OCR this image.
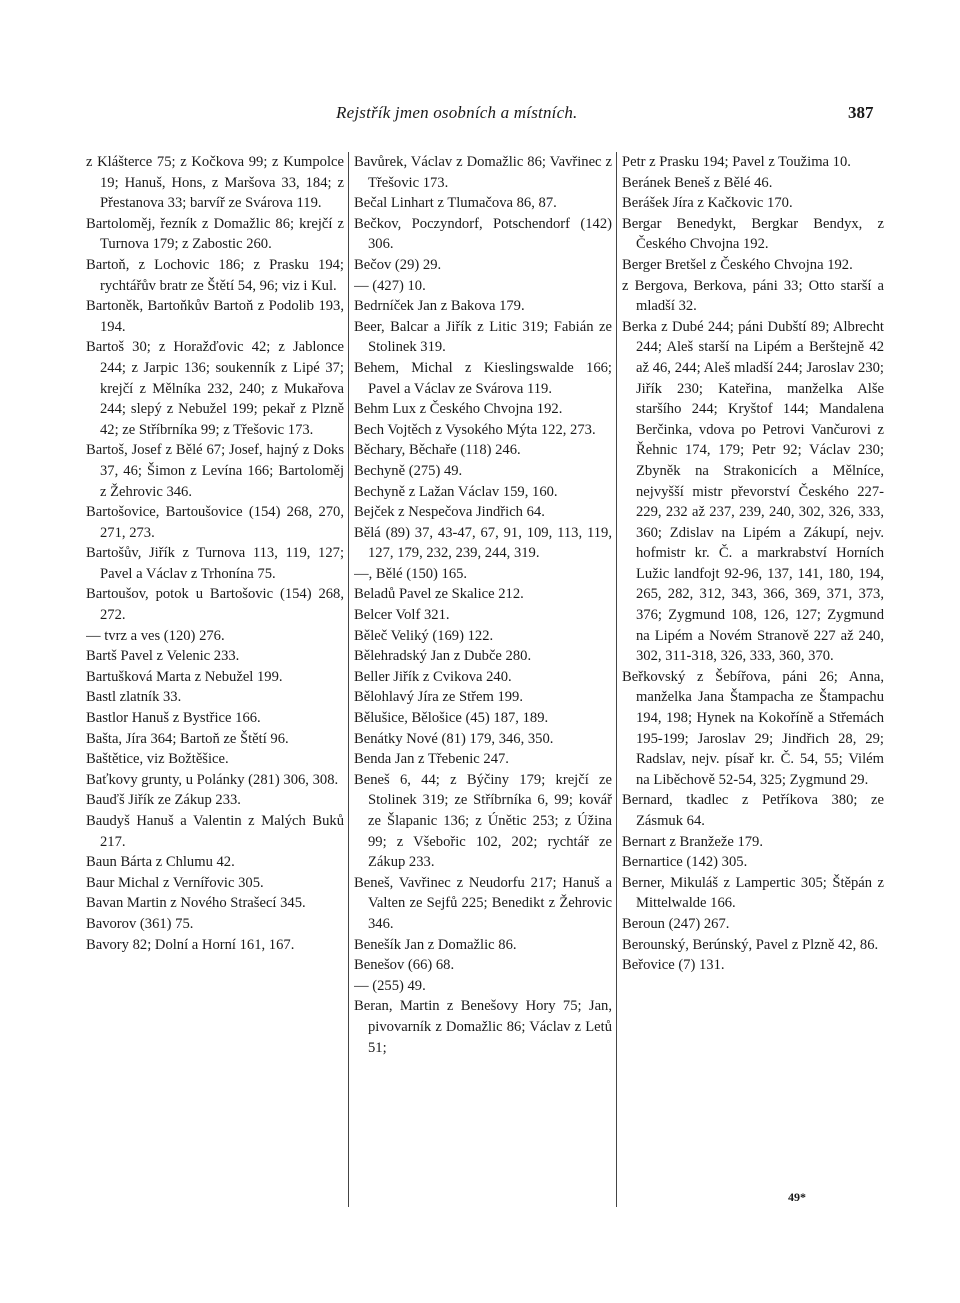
Rejstřík jmen osobních a místních.	387

z Klášterce 75; z Kočkova 99; z Kumpolce 19; Hanuš, Hons, z Maršova 33, 184; z Přestanova 33; barvíř ze Svárova 119.

Bartoloměj, řezník z Domažlic 86; krejčí z Turnova 179; z Zabostic 260.

Bartoň, z Lochovic 186; z Prasku 194; rychtářův bratr ze Štětí 54, 96; viz i Kul.

Bartoněk, Bartoňkův Bartoň z Podolib 193, 194.

Bartoš 30; z Horažďovic 42; z Jablonce 244; z Jarpic 136; soukenník z Lipé 37; krejčí z Mělníka 232, 240; z Mukařova 244; slepý z Nebužel 199; pekař z Plzně 42; ze Stříbrníka 99; z Třešovic 173.

Bartoš, Josef z Bělé 67; Josef, hajný z Doks 37, 46; Šimon z Levína 166; Bartoloměj z Žehrovic 346.

Bartošovice, Bartoušovice (154) 268, 270, 271, 273.

Bartošův, Jiřík z Turnova 113, 119, 127; Pavel a Václav z Trhonína 75.

Bartoušov, potok u Bartošovic (154) 268, 272.

— tvrz a ves (120) 276.

Bartš Pavel z Velenic 233.

Bartušková Marta z Nebužel 199.

Bastl zlatník 33.

Bastlor Hanuš z Bystřice 166.

Bašta, Jíra 364; Bartoň ze Štětí 96.

Baštětice, viz Božtěšice.

Baťkovy grunty, u Polánky (281) 306, 308.

Bauďš Jiřík ze Zákup 233.

Baudyš Hanuš a Valentin z Malých Buků 217.

Baun Bárta z Chlumu 42.

Baur Michal z Vernířovic 305.

Bavan Martin z Nového Strašecí 345.

Bavorov (361) 75.

Bavory 82; Dolní a Horní 161, 167.

Bavůrek, Václav z Domažlic 86; Vavřinec z Třešovic 173.

Bečal Linhart z Tlumačova 86, 87.

Bečkov, Poczyndorf, Potschendorf (142) 306.

Bečov (29) 29.

— (427) 10.

Bedrníček Jan z Bakova 179.

Beer, Balcar a Jiřík z Litic 319; Fabián ze Stolinek 319.

Behem, Michal z Kieslingswalde 166; Pavel a Václav ze Svárova 119.

Behm Lux z Českého Chvojna 192.

Bech Vojtěch z Vysokého Mýta 122, 273.

Běchary, Běchaře (118) 246.

Bechyně (275) 49.

Bechyně z Lažan Václav 159, 160.

Bejček z Nespečova Jindřich 64.

Bělá (89) 37, 43-47, 67, 91, 109, 113, 119, 127, 179, 232, 239, 244, 319.

—, Bělé (150) 165.

Beladů Pavel ze Skalice 212.

Belcer Volf 321.

Běleč Veliký (169) 122.

Bělehradský Jan z Dubče 280.

Beller Jiřík z Cvikova 240.

Bělohlavý Jíra ze Střem 199.

Bělušice, Bělošice (45) 187, 189.

Benátky Nové (81) 179, 346, 350.

Benda Jan z Třebenic 247.

Beneš 6, 44; z Býčiny 179; krejčí ze Stolinek 319; ze Stříbrníka 6, 99; kovář ze Šlapanic 136; z Únětic 253; z Úžina 99; z Všebořic 102, 202; rychtář ze Zákup 233.

Beneš, Vavřinec z Neudorfu 217; Hanuš a Valten ze Sejfů 225; Benedikt z Žehrovic 346.

Benešík Jan z Domažlic 86.

Benešov (66) 68.

— (255) 49.

Beran, Martin z Benešovy Hory 75; Jan, pivovarník z Domažlic 86; Václav z Letů 51;

Petr z Prasku 194; Pavel z Toužima 10.

Beránek Beneš z Bělé 46.

Berášek Jíra z Kačkovic 170.

Bergar Benedykt, Bergkar Bendyx, z Českého Chvojna 192.

Berger Bretšel z Českého Chvojna 192.

z Bergova, Berkova, páni 33; Otto starší a mladší 32.

Berka z Dubé 244; páni Dubští 89; Albrecht 244; Aleš starší na Lipém a Berštejně 42 až 46, 244; Aleš mladší 244; Jaroslav 230; Jiřík 230; Kateřina, manželka Alše staršího 244; Kryštof 144; Mandalena Berčinka, vdova po Petrovi Vančurovi z Řehnic 174, 179; Petr 92; Václav 230; Zbyněk na Strakonicích a Mělníce, nejvyšší mistr převorství Českého 227-229, 232 až 237, 239, 240, 302, 326, 333, 360; Zdislav na Lipém a Zákupí, nejv. hofmistr kr. Č. a markrabství Horních Lužic landfojt 92-96, 137, 141, 180, 194, 265, 282, 312, 343, 366, 369, 371, 373, 376; Zygmund 108, 126, 127; Zygmund na Lipém a Novém Stranově 227 až 240, 302, 311-318, 326, 333, 360, 370.

Beřkovský z Šebířova, páni 26; Anna, manželka Jana Štampacha ze Štampachu 194, 198; Hynek na Kokoříně a Střemách 195-199; Jaroslav 29; Jindřich 28, 29; Radslav, nejv. písař kr. Č. 54, 55; Vilém na Liběchově 52-54, 325; Zygmund 29.

Bernard, tkadlec z Petříkova 380; ze Zásmuk 64.

Bernart z Branžeže 179.

Bernartice (142) 305.

Berner, Mikuláš z Lampertic 305; Štěpán z Mittelwalde 166.

Beroun (247) 267.

Berounský, Berúnský, Pavel z Plzně 42, 86.

Beřovice (7) 131.

49*
